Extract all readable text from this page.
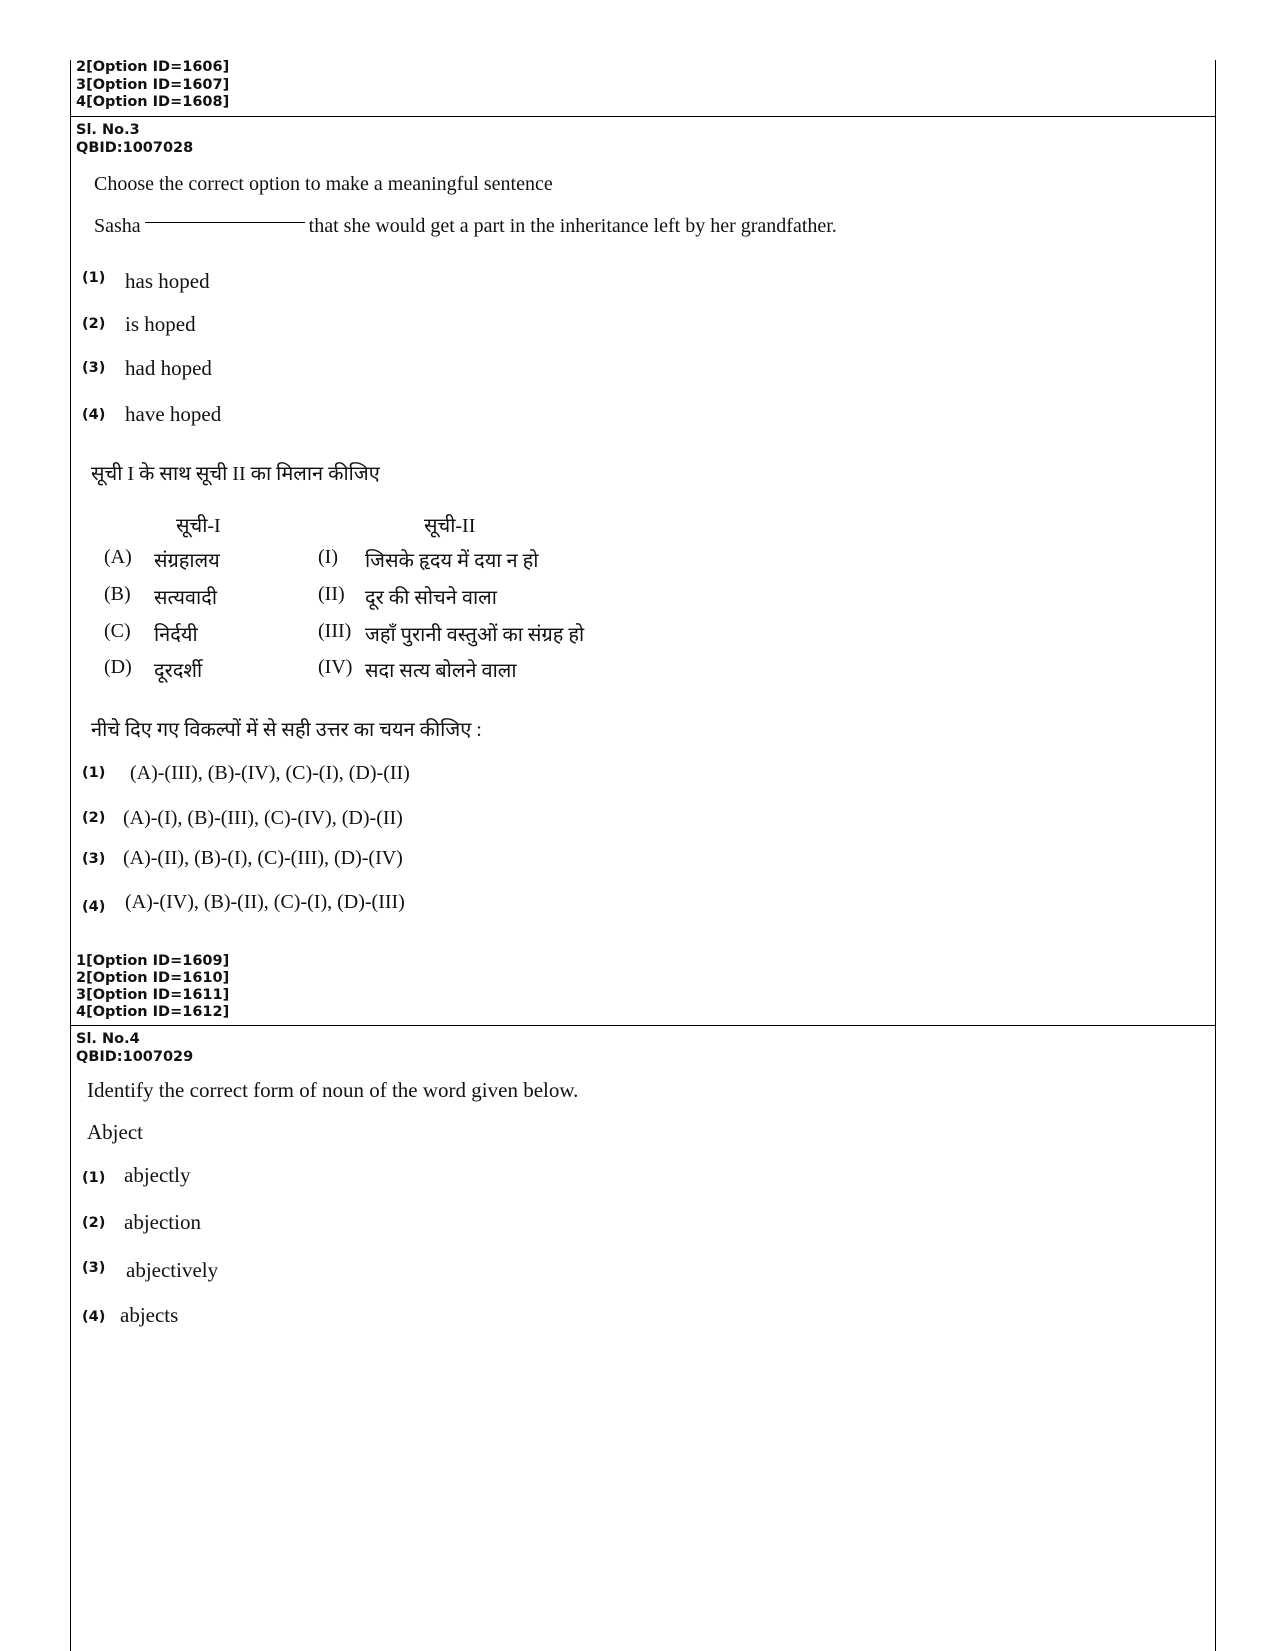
2[Option ID=1606]
3[Option ID=1607]
4[Option ID=1608]
Sl. No.3
QBID:1007028
Choose the correct option to make a meaningful sentence
Sasha	that she would get a part in the inheritance left by her grandfather.
(1) has hoped
(2) is hoped
(3) had hoped
(4) have hoped
सूची I के साथ सूची II का मिलान कीजिए
सूची-I	सूची-II
(A) संग्रहालय	(I) जिसके हृदय में दया न हो
(B) सत्यवादी	(II) दूर की सोचने वाला
(C) निर्दयी	(III) जहाँ पुरानी वस्तुओं का संग्रह हो
(D) दूरदर्शी	(IV) सदा सत्य बोलने वाला
नीचे दिए गए विकल्पों में से सही उत्तर का चयन कीजिए :
(1) (A)-(III), (B)-(IV), (C)-(I), (D)-(II)
(2) (A)-(I), (B)-(III), (C)-(IV), (D)-(II)
(3) (A)-(II), (B)-(I), (C)-(III), (D)-(IV)
(4) (A)-(IV), (B)-(II), (C)-(I), (D)-(III)
1[Option ID=1609]
2[Option ID=1610]
3[Option ID=1611]
4[Option ID=1612]
Sl. No.4
QBID:1007029
Identify the correct form of noun of the word given below.
Abject
(1) abjectly
(2) abjection
(3) abjectively
(4) abjects
